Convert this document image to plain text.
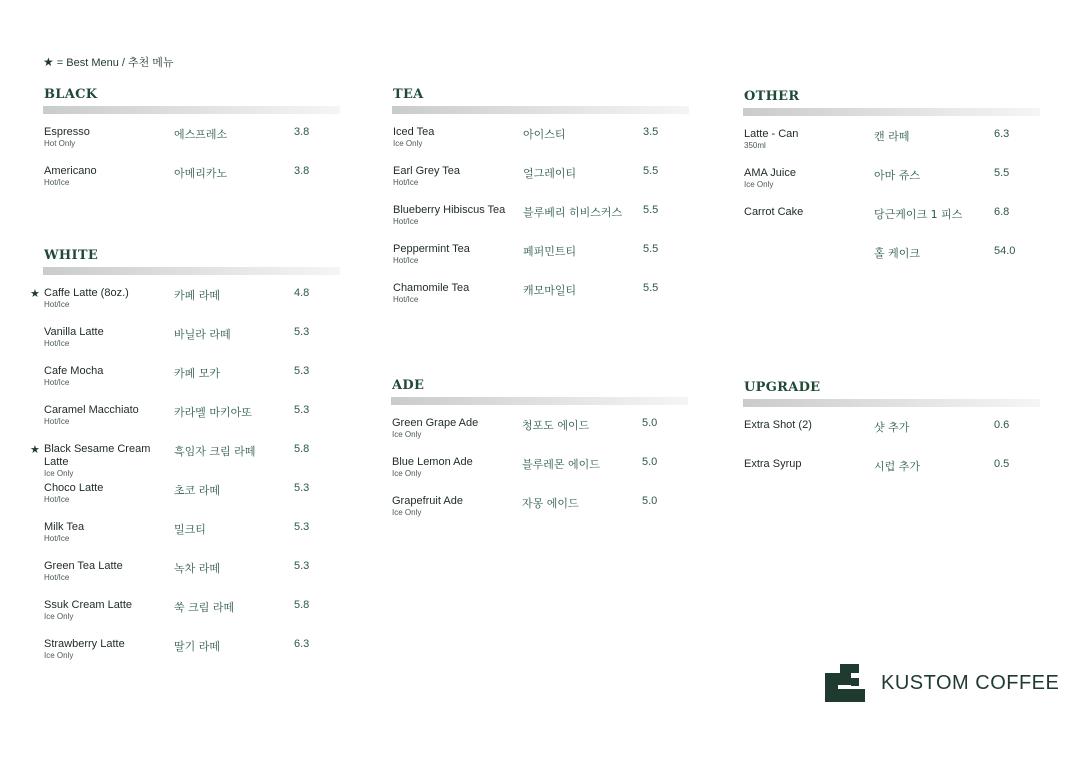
★ = Best Menu / 추천 메뉴
BLACK
Espresso
Hot Only
에스프레소	3.8
Americano
Hot/Ice
아메리카노	3.8
WHITE
★ Caffe Latte (8oz.)
Hot/Ice
카페 라떼	4.8
Vanilla Latte
Hot/Ice
바닐라 라떼	5.3
Cafe Mocha
Hot/Ice
카페 모카	5.3
Caramel Macchiato
Hot/Ice
카라멜 마키아또	5.3
★ Black Sesame Cream Latte
Ice Only
흑임자 크림 라떼	5.8
Choco Latte
Hot/Ice
초코 라떼	5.3
Milk Tea
Hot/Ice
밀크티	5.3
Green Tea Latte
Hot/Ice
녹차 라떼	5.3
Ssuk Cream Latte
Ice Only
쑥 크림 라떼	5.8
Strawberry Latte
Ice Only
딸기 라떼	6.3
TEA
Iced Tea
Ice Only
아이스티	3.5
Earl Grey Tea
Hot/Ice
얼그레이티	5.5
Blueberry Hibiscus Tea
Hot/Ice
블루베리 히비스커스 5.5
Peppermint Tea
Hot/Ice
페퍼민트티	5.5
Chamomile Tea
Hot/Ice
캐모마일티	5.5
ADE
Green Grape Ade
Ice Only
청포도 에이드	5.0
Blue Lemon Ade
Ice Only
블루레몬 에이드	5.0
Grapefruit Ade
Ice Only
자몽 에이드	5.0
OTHER
Latte - Can
350ml
캔 라떼	6.3
AMA Juice
Ice Only
아마 쥬스	5.5
Carrot Cake	당근케이크 1 피스	6.8
홀 케이크	54.0
UPGRADE
Extra Shot (2)	샷 추가	0.6
Extra Syrup	시럽 추가	0.5
KUSTOM COFFEE
